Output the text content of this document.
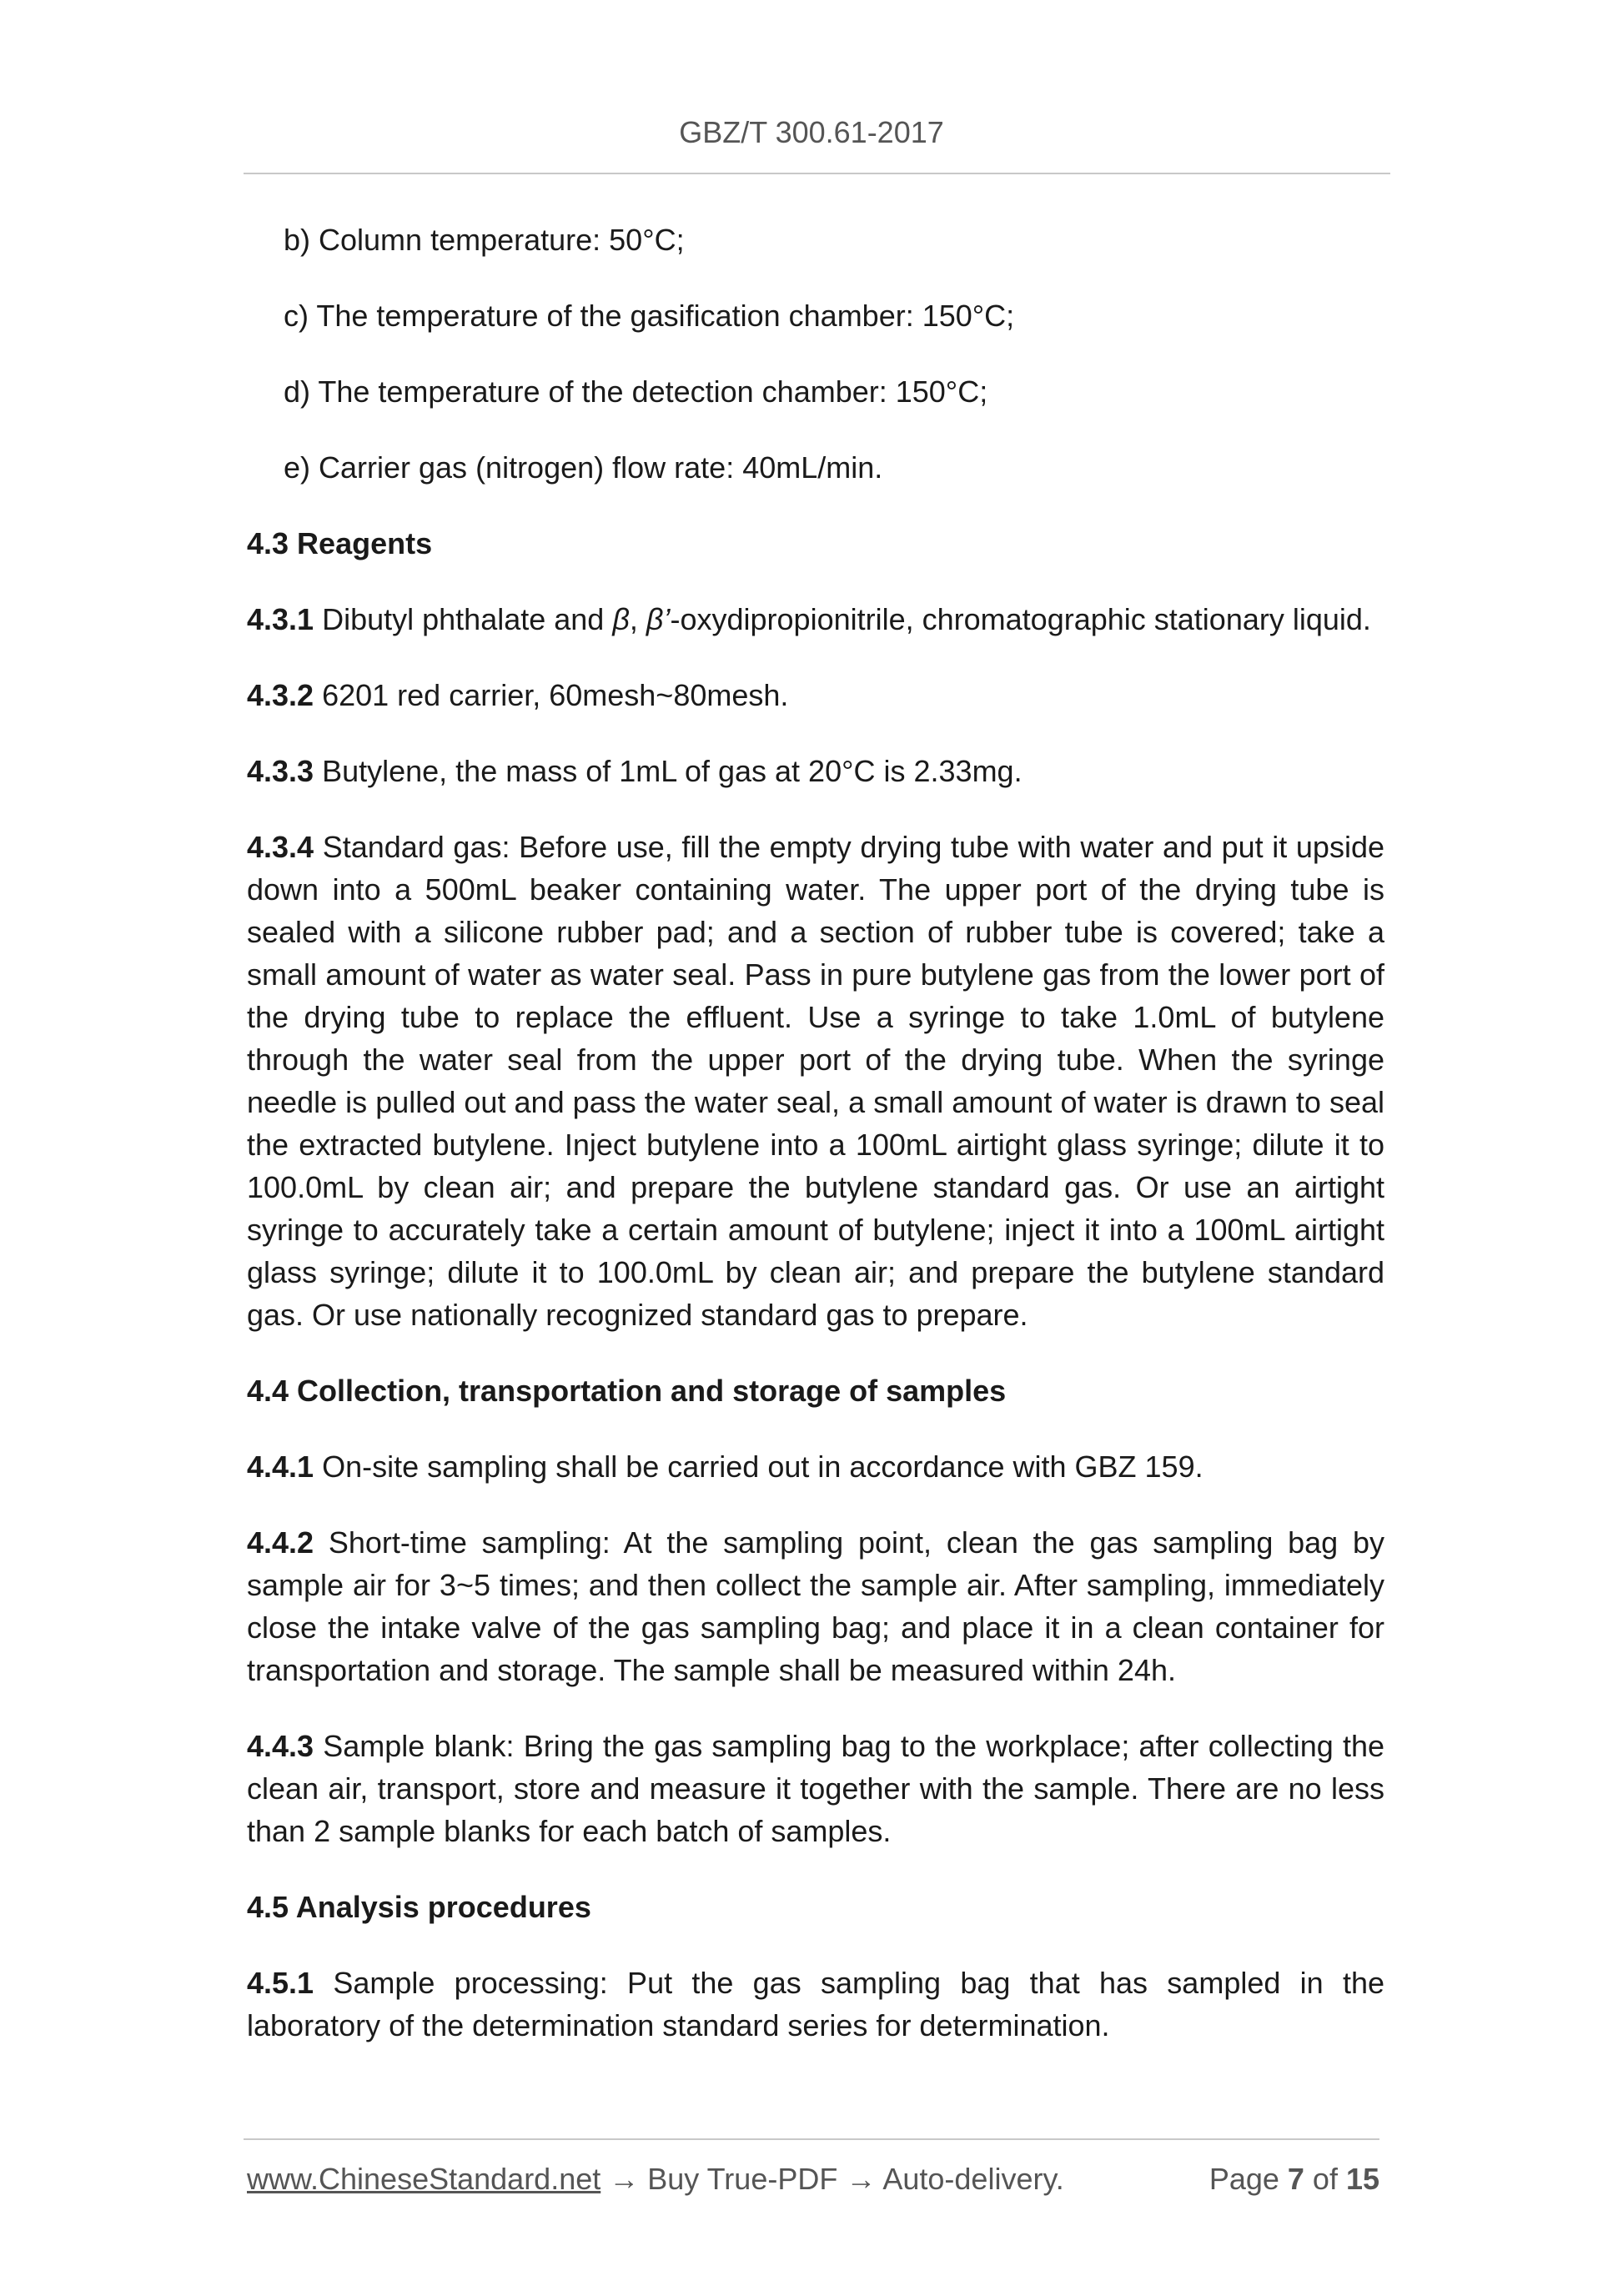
GBZ/T 300.61-2017

b) Column temperature: 50°C;

c) The temperature of the gasification chamber: 150°C;

d) The temperature of the detection chamber: 150°C;

e) Carrier gas (nitrogen) flow rate: 40mL/min.

4.3 Reagents

4.3.1 Dibutyl phthalate and β, β’-oxydipropionitrile, chromatographic stationary liquid.

4.3.2 6201 red carrier, 60mesh~80mesh.

4.3.3 Butylene, the mass of 1mL of gas at 20°C is 2.33mg.

4.3.4 Standard gas: Before use, fill the empty drying tube with water and put it upside down into a 500mL beaker containing water. The upper port of the drying tube is sealed with a silicone rubber pad; and a section of rubber tube is covered; take a small amount of water as water seal. Pass in pure butylene gas from the lower port of the drying tube to replace the effluent. Use a syringe to take 1.0mL of butylene through the water seal from the upper port of the drying tube. When the syringe needle is pulled out and pass the water seal, a small amount of water is drawn to seal the extracted butylene. Inject butylene into a 100mL airtight glass syringe; dilute it to 100.0mL by clean air; and prepare the butylene standard gas. Or use an airtight syringe to accurately take a certain amount of butylene; inject it into a 100mL airtight glass syringe; dilute it to 100.0mL by clean air; and prepare the butylene standard gas. Or use nationally recognized standard gas to prepare.

4.4 Collection, transportation and storage of samples

4.4.1 On-site sampling shall be carried out in accordance with GBZ 159.

4.4.2 Short-time sampling: At the sampling point, clean the gas sampling bag by sample air for 3~5 times; and then collect the sample air. After sampling, immediately close the intake valve of the gas sampling bag; and place it in a clean container for transportation and storage. The sample shall be measured within 24h.

4.4.3 Sample blank: Bring the gas sampling bag to the workplace; after collecting the clean air, transport, store and measure it together with the sample. There are no less than 2 sample blanks for each batch of samples.

4.5 Analysis procedures

4.5.1 Sample processing: Put the gas sampling bag that has sampled in the laboratory of the determination standard series for determination.

www.ChineseStandard.net → Buy True-PDF → Auto-delivery.	Page 7 of 15
